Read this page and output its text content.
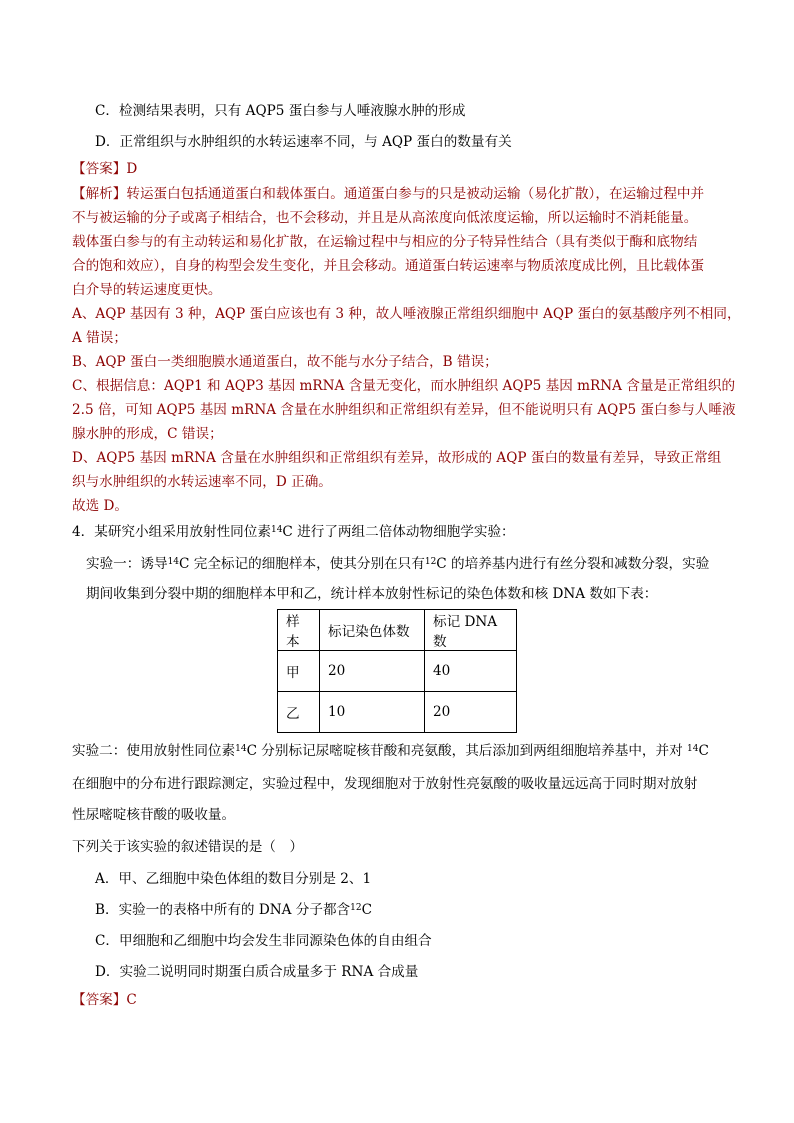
C．检测结果表明，只有 AQP5 蛋白参与人唾液腺水肿的形成
D．正常组织与水肿组织的水转运速率不同，与 AQP 蛋白的数量有关
【答案】D
【解析】转运蛋白包括通道蛋白和载体蛋白。通道蛋白参与的只是被动运输（易化扩散），在运输过程中并
不与被运输的分子或离子相结合，也不会移动，并且是从高浓度向低浓度运输，所以运输时不消耗能量。
载体蛋白参与的有主动转运和易化扩散，在运输过程中与相应的分子特异性结合（具有类似于酶和底物结
合的饱和效应），自身的构型会发生变化，并且会移动。通道蛋白转运速率与物质浓度成比例，且比载体蛋
白介导的转运速度更快。
A、AQP 基因有 3 种，AQP 蛋白应该也有 3 种，故人唾液腺正常组织细胞中 AQP 蛋白的氨基酸序列不相同，
A 错误；
B、AQP 蛋白一类细胞膜水通道蛋白，故不能与水分子结合，B 错误；
C、根据信息：AQP1 和 AQP3 基因 mRNA 含量无变化，而水肿组织 AQP5 基因 mRNA 含量是正常组织的
2.5 倍，可知 AQP5 基因 mRNA 含量在水肿组织和正常组织有差异，但不能说明只有 AQP5 蛋白参与人唾液
腺水肿的形成，C 错误；
D、AQP5 基因 mRNA 含量在水肿组织和正常组织有差异，故形成的 AQP 蛋白的数量有差异，导致正常组
织与水肿组织的水转运速率不同，D 正确。
故选 D。
4．某研究小组采用放射性同位素$^{14}$C 进行了两组二倍体动物细胞学实验：
实验一：诱导$^{14}$C 完全标记的细胞样本，使其分别在只有$^{12}$C 的培养基内进行有丝分裂和减数分裂，实验
期间收集到分裂中期的细胞样本甲和乙，统计样本放射性标记的染色体数和核 DNA 数如下表：
样本	标记染色体数	标记 DNA 数
甲	20	40
乙	10	20
实验二：使用放射性同位素$^{14}$C 分别标记尿嘧啶核苷酸和亮氨酸，其后添加到两组细胞培养基中，并对 $^{14}$C
在细胞中的分布进行跟踪测定，实验过程中，发现细胞对于放射性亮氨酸的吸收量远远高于同时期对放射
性尿嘧啶核苷酸的吸收量。
下列关于该实验的叙述错误的是（　）
A．甲、乙细胞中染色体组的数目分别是 2、1
B．实验一的表格中所有的 DNA 分子都含$^{12}$C
C．甲细胞和乙细胞中均会发生非同源染色体的自由组合
D．实验二说明同时期蛋白质合成量多于 RNA 合成量
【答案】C
